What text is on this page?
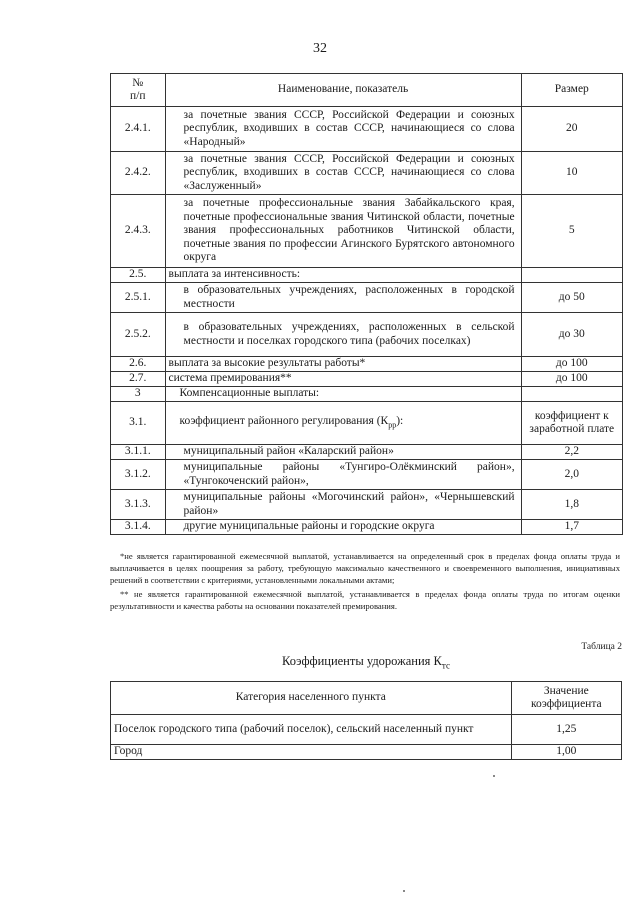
32
№
п/п	Наименование, показатель	Размер
2.4.1.	за почетные звания СССР, Российской Федерации и союзных республик, входивших в состав СССР, начинающиеся со слова «Народный»	20
2.4.2.	за почетные звания СССР, Российской Федерации и союзных республик, входивших в состав СССР, начинающиеся со слова «Заслуженный»	10
2.4.3.	за почетные профессиональные звания Забайкальского края, почетные профессиональные звания Читинской области, почетные звания профессиональных работников Читинской области, почетные звания по профессии Агинского Бурятского автономного округа	5
2.5.	выплата за интенсивность:	
2.5.1.	в образовательных учреждениях, расположенных в городской местности	до 50
2.5.2.	в образовательных учреждениях, расположенных в сельской местности и поселках городского типа (рабочих поселках)	до 30
2.6.	выплата за высокие результаты работы*	до 100
2.7.	система премирования**	до 100
3	Компенсационные выплаты:	
3.1.	коэффициент районного регулирования $(К_{рр})$:	коэффициент к заработной плате
3.1.1.	муниципальный район «Каларский район»	2,2
3.1.2.	муниципальные районы «Тунгиро-Олёкминский район», «Тунгокоченский район»,	2,0
3.1.3.	муниципальные районы «Могочинский район», «Чернышевский район»	1,8
3.1.4.	другие муниципальные районы и городские округа	1,7

*не является гарантированной ежемесячной выплатой, устанавливается на определенный срок в пределах фонда оплаты труда и выплачивается в целях поощрения за работу, требующую максимально качественного и своевременного выполнения, инициативных решений в соответствии с критериями, установленными локальными актами;

** не является гарантированной ежемесячной выплатой, устанавливается в пределах фонда оплаты труда по итогам оценки результативности и качества работы на основании показателей премирования.

Таблица 2
Коэффициенты удорожания $К_{тс}$
Категория населенного пункта	Значение коэффициента
Поселок городского типа (рабочий поселок), сельский населенный пункт	1,25
Город	1,00
